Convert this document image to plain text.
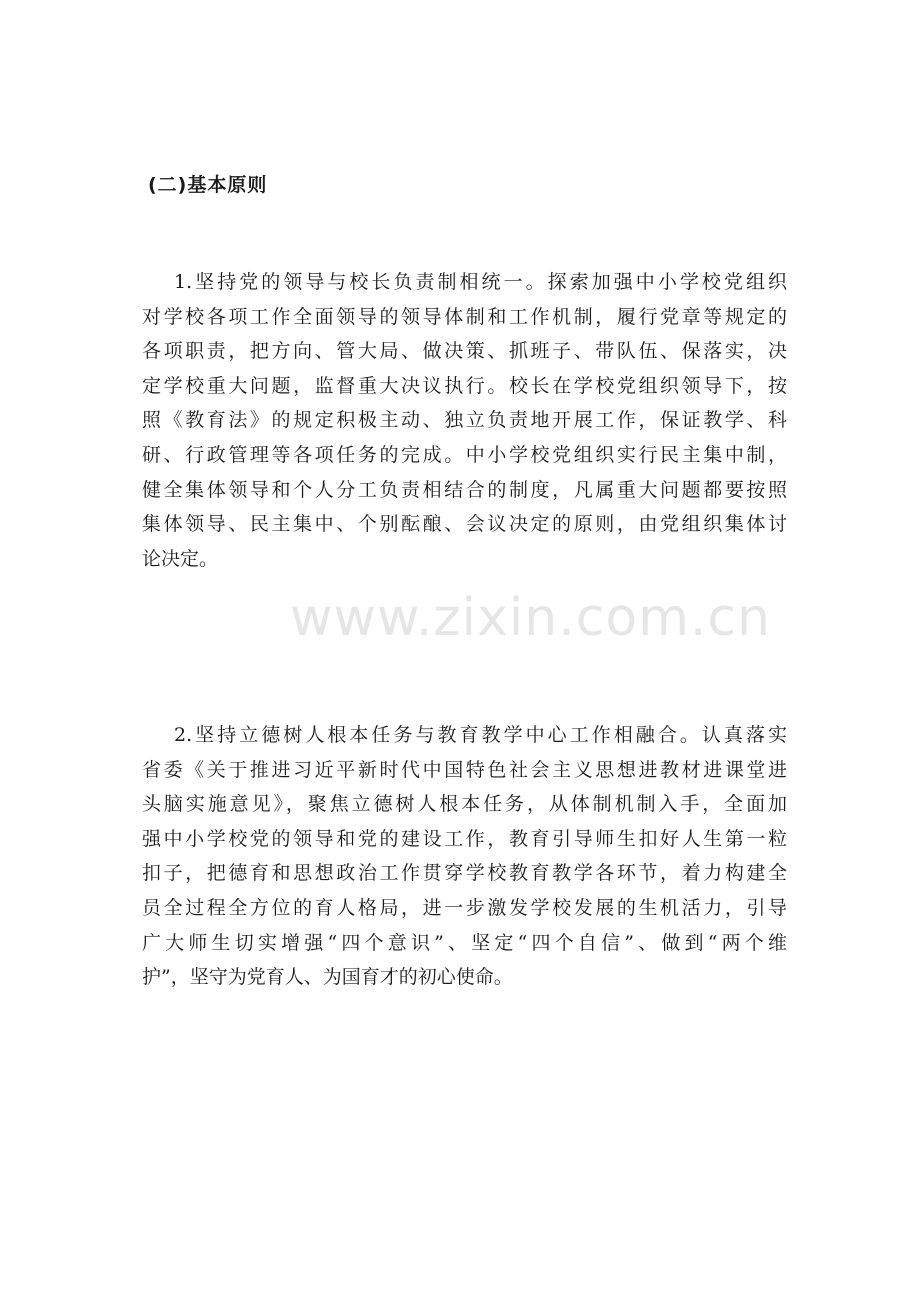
www.zixin.com.cn
(二)基本原则
1.坚持党的领导与校长负责制相统一。探索加强中小学校党组织
对学校各项工作全面领导的领导体制和工作机制，履行党章等规定的
各项职责，把方向、管大局、做决策、抓班子、带队伍、保落实，决
定学校重大问题，监督重大决议执行。校长在学校党组织领导下，按
照《教育法》的规定积极主动、独立负责地开展工作，保证教学、科
研、行政管理等各项任务的完成。中小学校党组织实行民主集中制，
健全集体领导和个人分工负责相结合的制度，凡属重大问题都要按照
集体领导、民主集中、个别酝酿、会议决定的原则，由党组织集体讨
论决定。
2.坚持立德树人根本任务与教育教学中心工作相融合。认真落实
省委《关于推进习近平新时代中国特色社会主义思想进教材进课堂进
头脑实施意见》，聚焦立德树人根本任务，从体制机制入手，全面加
强中小学校党的领导和党的建设工作，教育引导师生扣好人生第一粒
扣子，把德育和思想政治工作贯穿学校教育教学各环节，着力构建全
员全过程全方位的育人格局，进一步激发学校发展的生机活力，引导
广大师生切实增强“四个意识”、坚定“四个自信”、做到“两个维
护”，坚守为党育人、为国育才的初心使命。
